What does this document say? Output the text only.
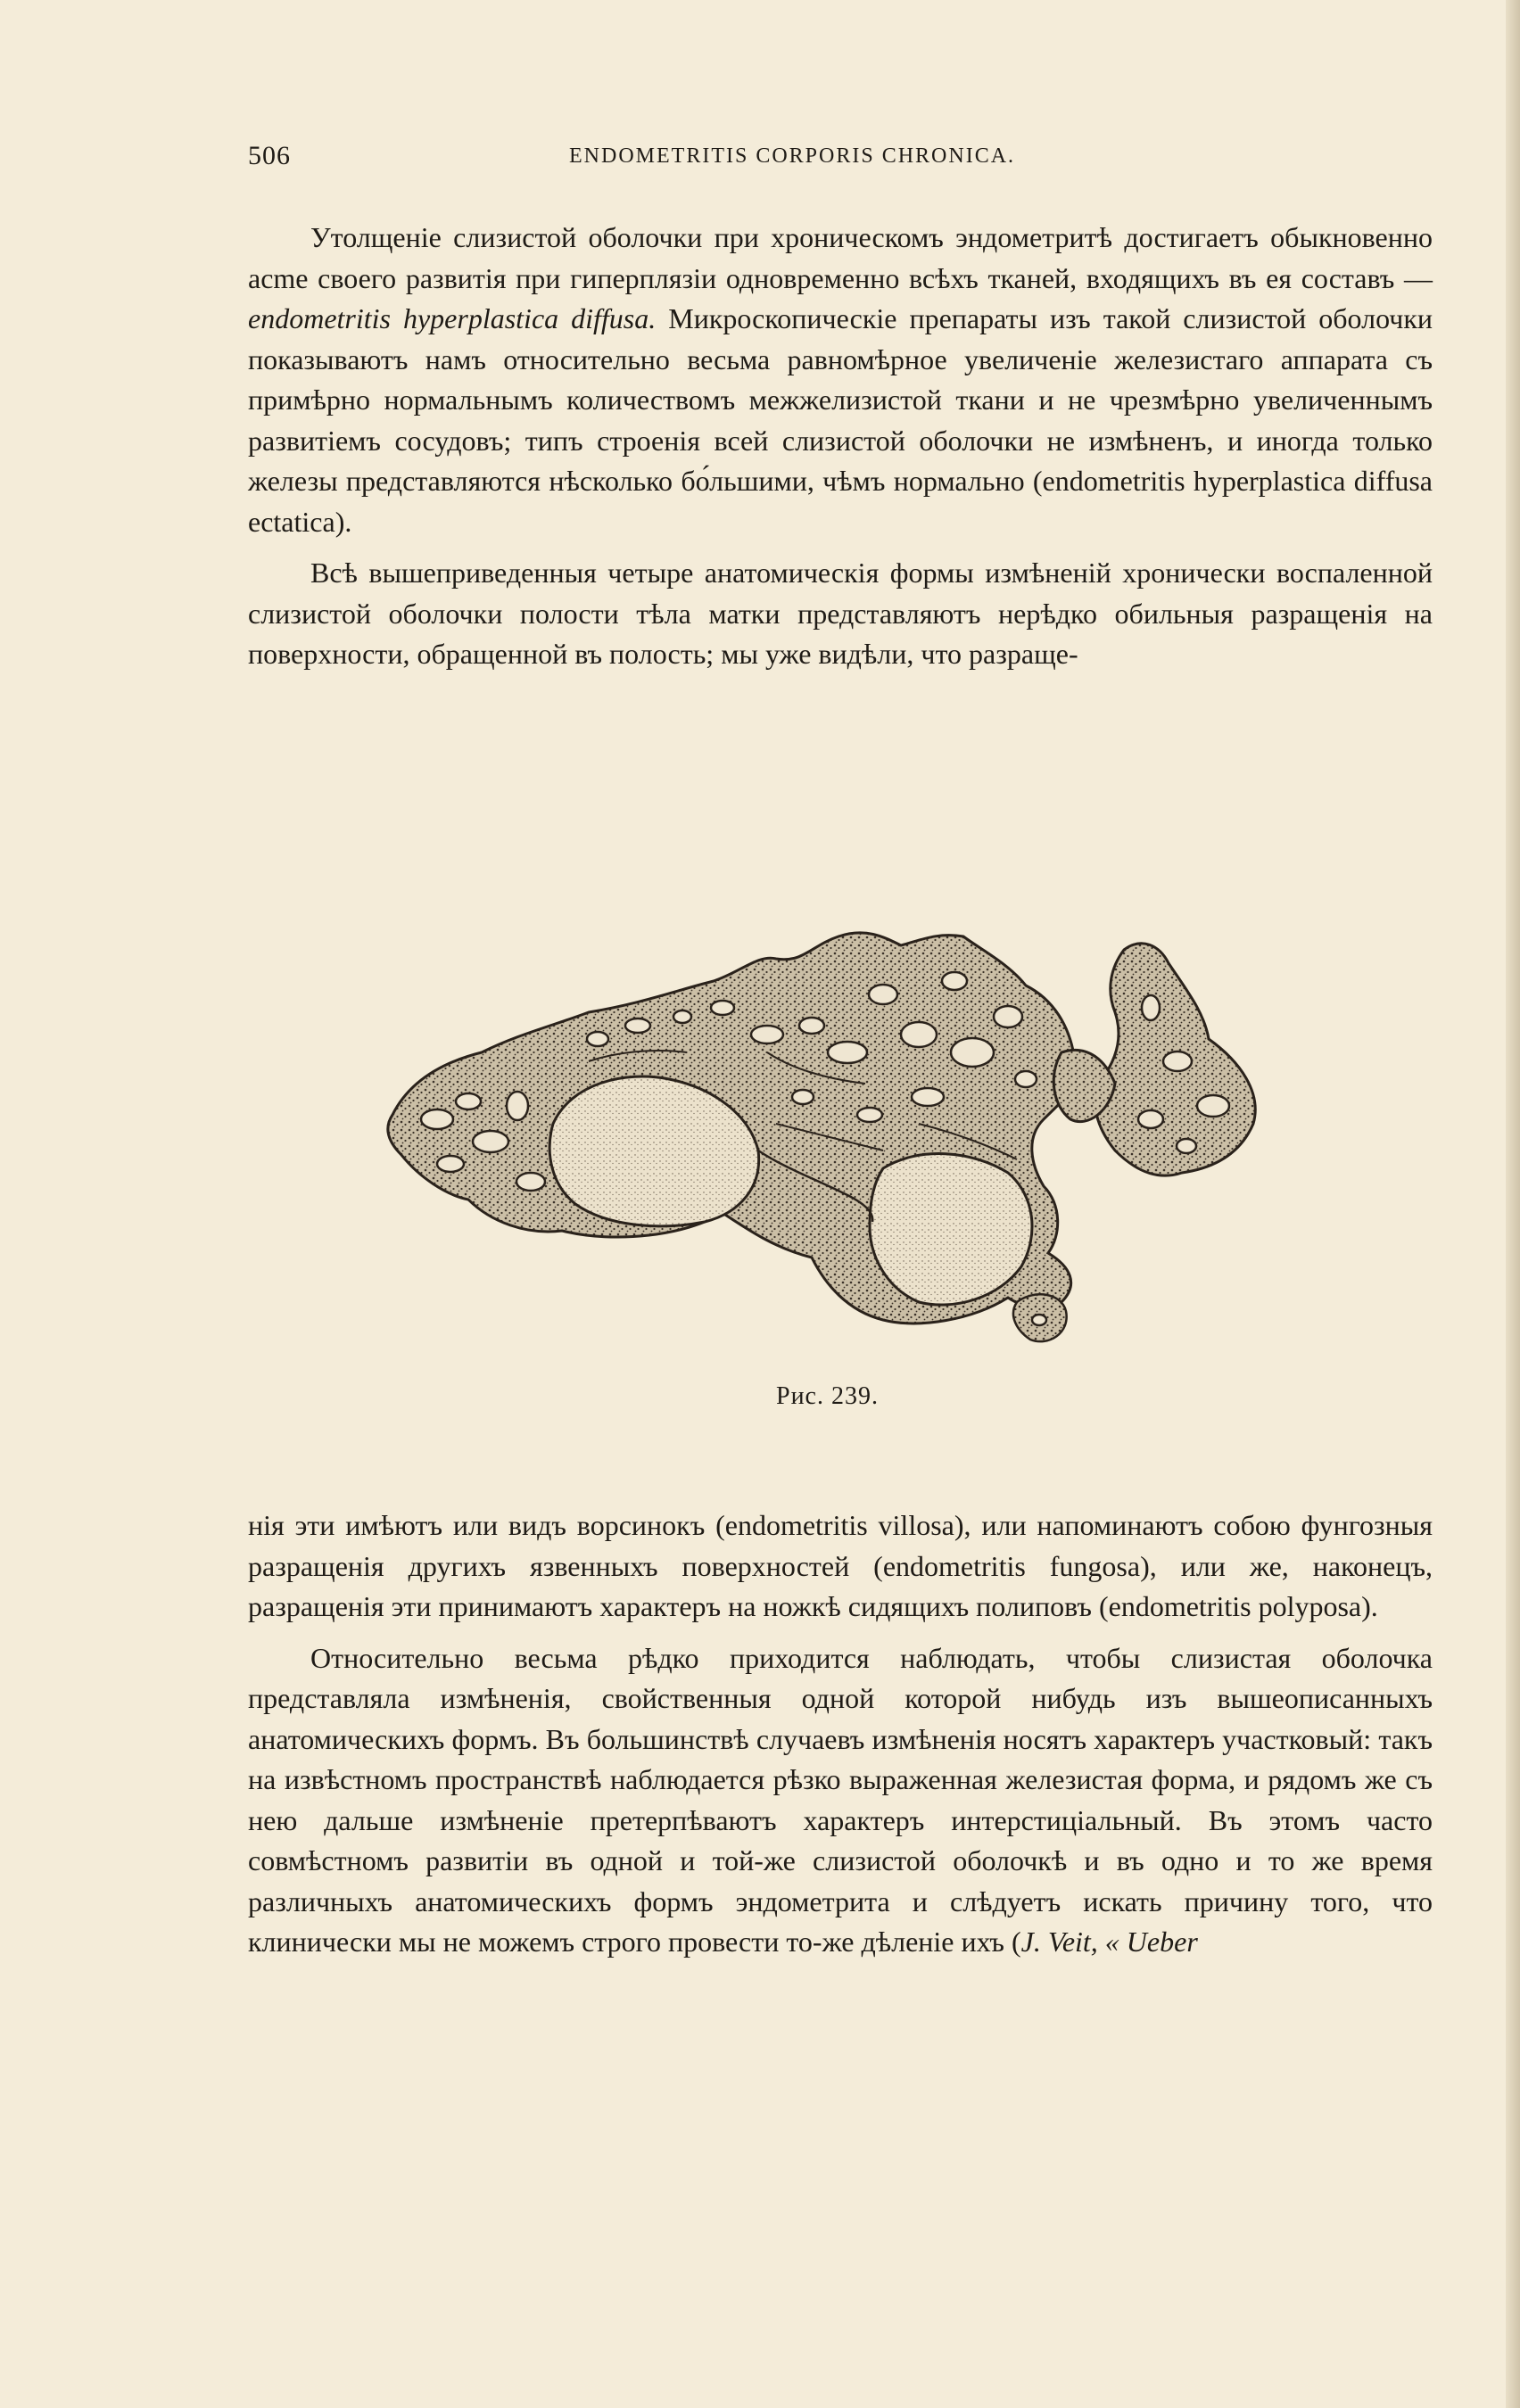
506	ENDOMETRITIS CORPORIS CHRONICA.

Утолщеніе слизистой оболочки при хроническомъ эндометритѣ достигаетъ обыкновенно acme своего развитія при гиперплязіи одновременно всѣхъ тканей, входящихъ въ ея составъ — endometritis hyperplastica diffusa. Микроскопическіе препараты изъ такой слизистой оболочки показываютъ намъ относительно весьма равномѣрное увеличеніе железистаго аппарата съ примѣрно нормальнымъ количествомъ межжелизистой ткани и не чрезмѣрно увеличеннымъ развитіемъ сосудовъ; типъ строенія всей слизистой оболочки не измѣненъ, и иногда только железы представляются нѣсколько бо́льшими, чѣмъ нормально (endometritis hyperplastica diffusa ectatica).

Всѣ вышеприведенныя четыре анатомическія формы измѣненій хронически воспаленной слизистой оболочки полости тѣла матки представляютъ нерѣдко обильныя разращенія на поверхности, обращенной въ полость; мы уже видѣли, что разраще-

Рис. 239.

нія эти имѣютъ или видъ ворсинокъ (endometritis villosa), или напоминаютъ собою фунгозныя разращенія другихъ язвенныхъ поверхностей (endometritis fungosa), или же, наконецъ, разращенія эти принимаютъ характеръ на ножкѣ сидящихъ полиповъ (endometritis polyposa).

Относительно весьма рѣдко приходится наблюдать, чтобы слизистая оболочка представляла измѣненія, свойственныя одной которой нибудь изъ вышеописанныхъ анатомическихъ формъ. Въ большинствѣ случаевъ измѣненія носятъ характеръ участковый: такъ на извѣстномъ пространствѣ наблюдается рѣзко выраженная железистая форма, и рядомъ же съ нею дальше измѣненіе претерпѣваютъ характеръ интерстиціальный. Въ этомъ часто совмѣстномъ развитіи въ одной и той-же слизистой оболочкѣ и въ одно и то же время различныхъ анатомическихъ формъ эндометрита и слѣдуетъ искать причину того, что клинически мы не можемъ строго провести то-же дѣленіе ихъ (J. Veit, « Ueber
